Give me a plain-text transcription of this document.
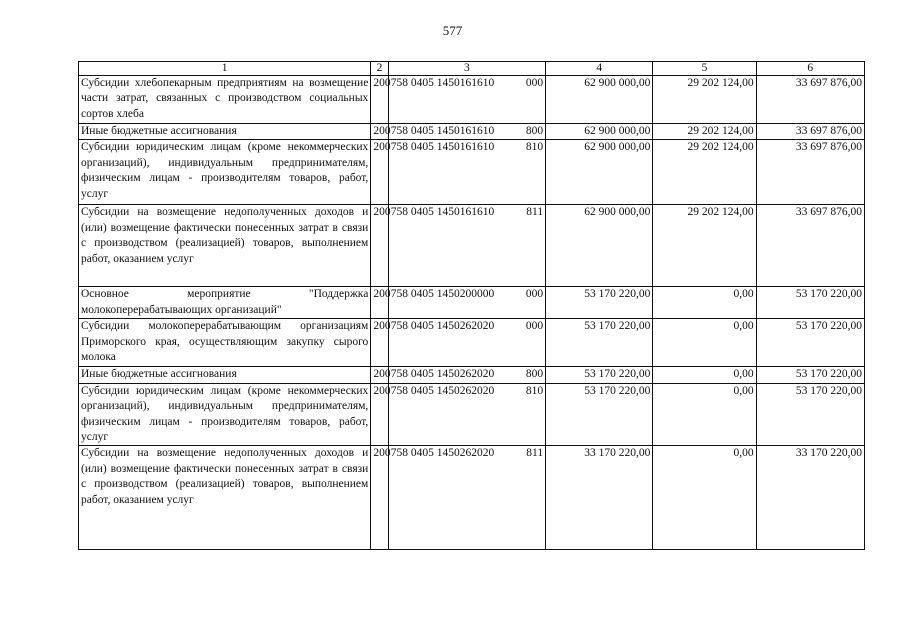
577
1	2	3	4	5	6
Субсидии хлебопекарным предприятиям на возмещение части затрат, связанных с производством социальных сортов хлеба	200	758 0405 1450161610 000	62 900 000,00	29 202 124,00	33 697 876,00
Иные бюджетные ассигнования	200	758 0405 1450161610 800	62 900 000,00	29 202 124,00	33 697 876,00
Субсидии юридическим лицам (кроме некоммерческих организаций), индивидуальным предпринимателям, физическим лицам - производителям товаров, работ, услуг	200	758 0405 1450161610 810	62 900 000,00	29 202 124,00	33 697 876,00
Субсидии на возмещение недополученных доходов и (или) возмещение фактически понесенных затрат в связи с производством (реализацией) товаров, выполнением работ, оказанием услуг	200	758 0405 1450161610 811	62 900 000,00	29 202 124,00	33 697 876,00
Основное мероприятие "Поддержка молокоперерабатывающих организаций"	200	758 0405 1450200000 000	53 170 220,00	0,00	53 170 220,00
Субсидии молокоперерабатывающим организациям Приморского края, осуществляющим закупку сырого молока	200	758 0405 1450262020 000	53 170 220,00	0,00	53 170 220,00
Иные бюджетные ассигнования	200	758 0405 1450262020 800	53 170 220,00	0,00	53 170 220,00
Субсидии юридическим лицам (кроме некоммерческих организаций), индивидуальным предпринимателям, физическим лицам - производителям товаров, работ, услуг	200	758 0405 1450262020 810	53 170 220,00	0,00	53 170 220,00
Субсидии на возмещение недополученных доходов и (или) возмещение фактически понесенных затрат в связи с производством (реализацией) товаров, выполнением работ, оказанием услуг	200	758 0405 1450262020 811	33 170 220,00	0,00	33 170 220,00
